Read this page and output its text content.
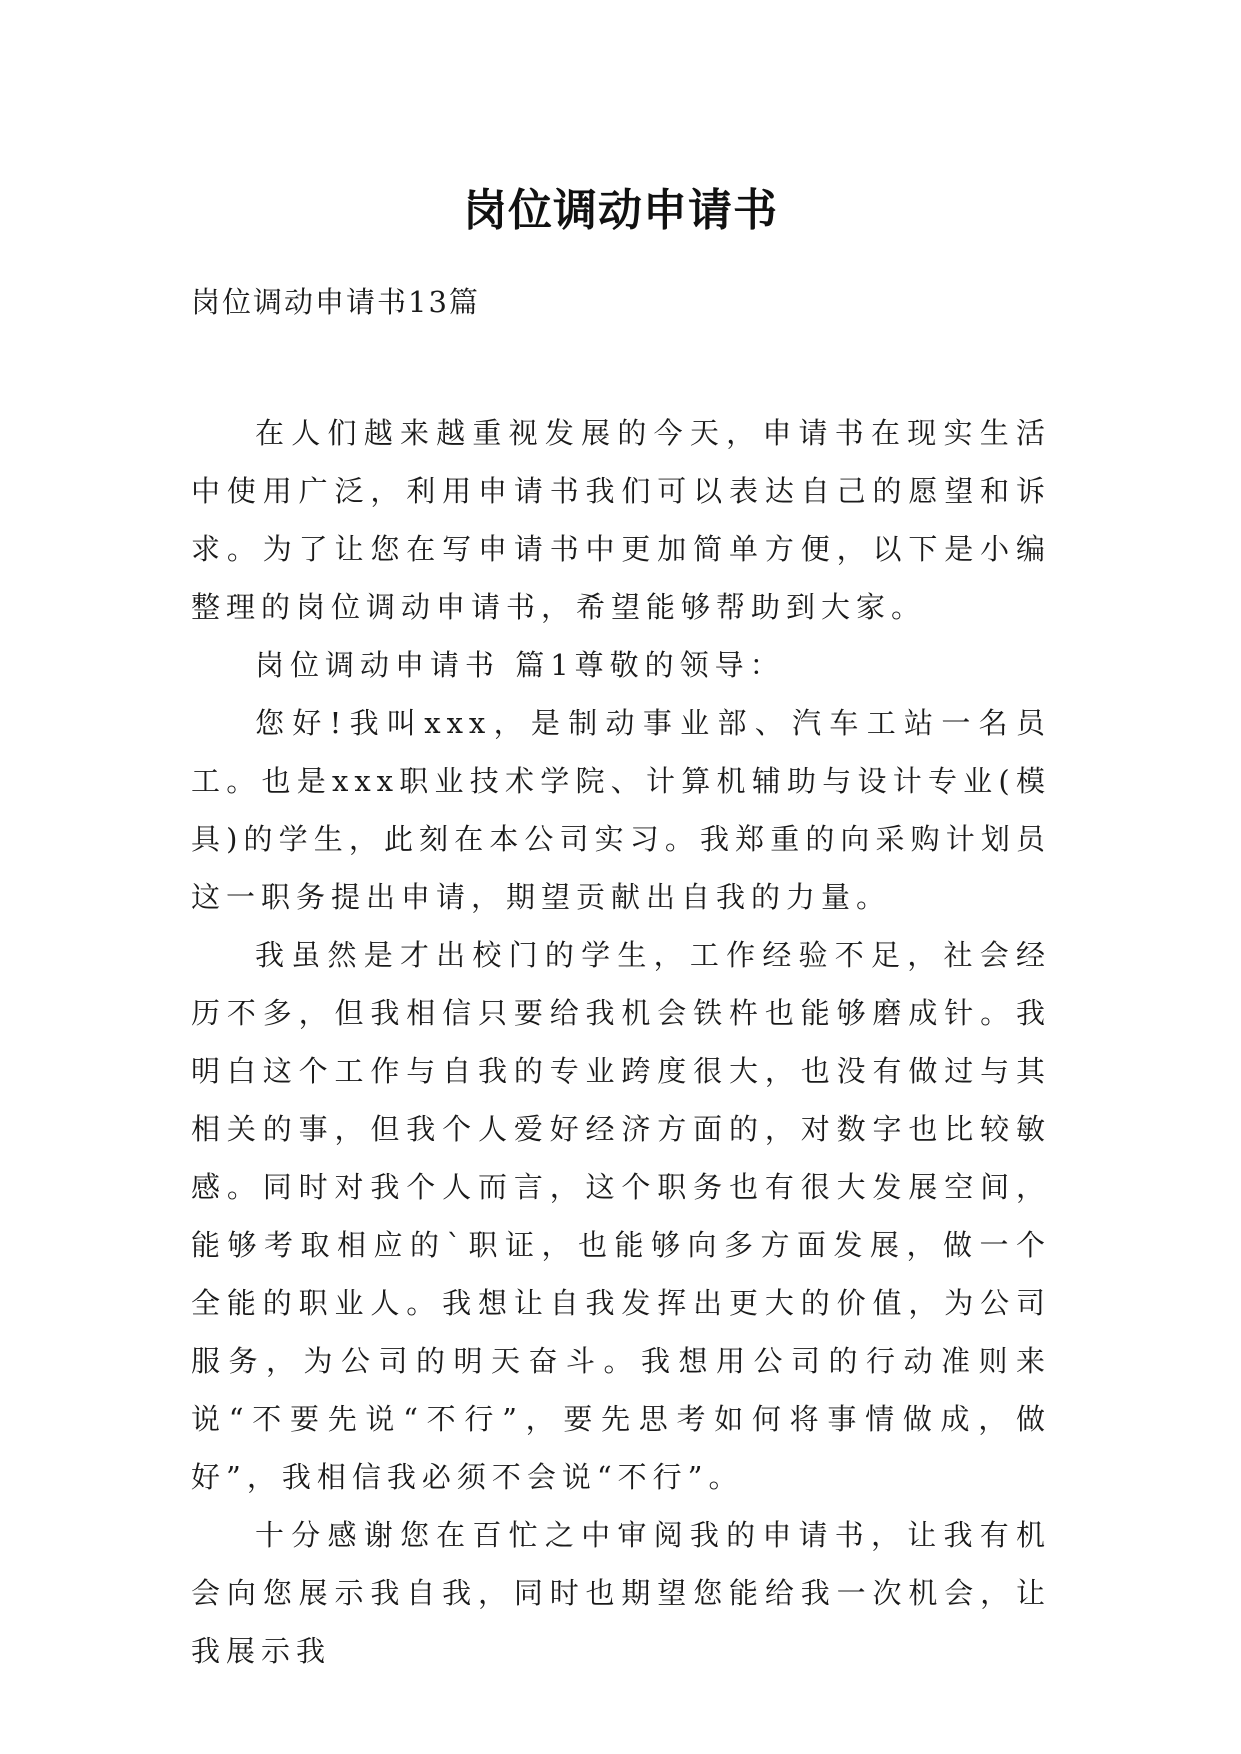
岗位调动申请书

岗位调动申请书13篇

在人们越来越重视发展的今天，申请书在现实生活中使用广泛，利用申请书我们可以表达自己的愿望和诉求。为了让您在写申请书中更加简单方便，以下是小编整理的岗位调动申请书，希望能够帮助到大家。

岗位调动申请书 篇1尊敬的领导：

您好!我叫xxx，是制动事业部、汽车工站一名员工。也是xxx职业技术学院、计算机辅助与设计专业(模具)的学生，此刻在本公司实习。我郑重的向采购计划员这一职务提出申请，期望贡献出自我的力量。

我虽然是才出校门的学生，工作经验不足，社会经历不多，但我相信只要给我机会铁杵也能够磨成针。我明白这个工作与自我的专业跨度很大，也没有做过与其相关的事，但我个人爱好经济方面的，对数字也比较敏感。同时对我个人而言，这个职务也有很大发展空间，能够考取相应的`职证，也能够向多方面发展，做一个全能的职业人。我想让自我发挥出更大的价值，为公司服务，为公司的明天奋斗。我想用公司的行动准则来说“不要先说“不行”，要先思考如何将事情做成，做好”，我相信我必须不会说“不行”。

十分感谢您在百忙之中审阅我的申请书，让我有机会向您展示我自我，同时也期望您能给我一次机会，让我展示我
